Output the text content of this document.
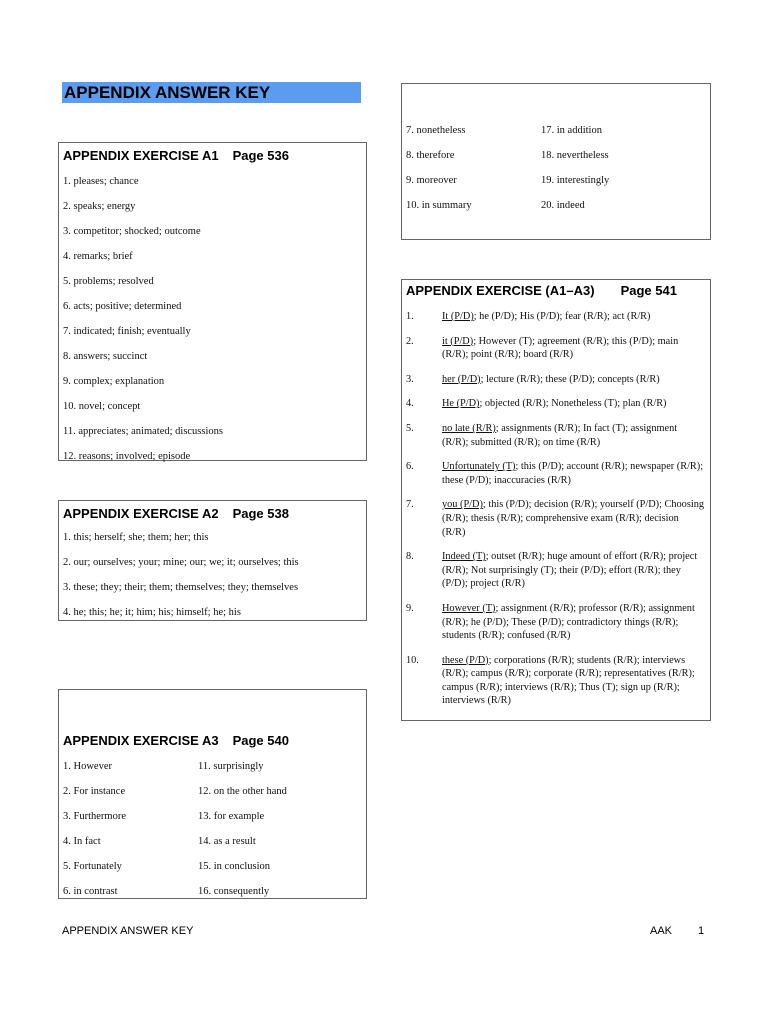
APPENDIX ANSWER KEY
APPENDIX EXERCISE A1 Page 536
1. pleases; chance
2. speaks; energy
3. competitor; shocked; outcome
4. remarks; brief
5. problems; resolved
6. acts; positive; determined
7. indicated; finish; eventually
8. answers; succinct
9. complex; explanation
10. novel; concept
11. appreciates; animated; discussions
12. reasons; involved; episode
APPENDIX EXERCISE A2 Page 538
1. this; herself; she; them; her; this
2. our; ourselves; your; mine; our; we; it; ourselves; this
3. these; they; their; them; themselves; they; themselves
4. he; this; he; it; him; his; himself; he; his
APPENDIX EXERCISE A3 Page 540
1. However	11. surprisingly
2. For instance	12. on the other hand
3. Furthermore	13. for example
4. In fact	14. as a result
5. Fortunately	15. in conclusion
6. in contrast	16. consequently
7. nonetheless	17. in addition
8. therefore	18. nevertheless
9. moreover	19. interestingly
10. in summary	20. indeed
APPENDIX EXERCISE (A1–A3) Page 541
1.	It (P/D); he (P/D); His (P/D); fear (R/R); act (R/R)
2.	it (P/D); However (T); agreement (R/R); this (P/D); main (R/R); point (R/R); board (R/R)
3.	her (P/D); lecture (R/R); these (P/D); concepts (R/R)
4.	He (P/D); objected (R/R); Nonetheless (T); plan (R/R)
5.	no late (R/R); assignments (R/R); In fact (T); assignment (R/R); submitted (R/R); on time (R/R)
6.	Unfortunately (T); this (P/D); account (R/R); newspaper (R/R); these (P/D); inaccuracies (R/R)
7.	you (P/D); this (P/D); decision (R/R); yourself (P/D); Choosing (R/R); thesis (R/R); comprehensive exam (R/R); decision (R/R)
8.	Indeed (T); outset (R/R); huge amount of effort (R/R); project (R/R); Not surprisingly (T); their (P/D); effort (R/R); they (P/D); project (R/R)
9.	However (T); assignment (R/R); professor (R/R); assignment (R/R); he (P/D); These (P/D); contradictory things (R/R); students (R/R); confused (R/R)
10.	these (P/D); corporations (R/R); students (R/R); interviews (R/R); campus (R/R); corporate (R/R); representatives (R/R); campus (R/R); interviews (R/R); Thus (T); sign up (R/R); interviews (R/R)
APPENDIX ANSWER KEY	AAK 1
